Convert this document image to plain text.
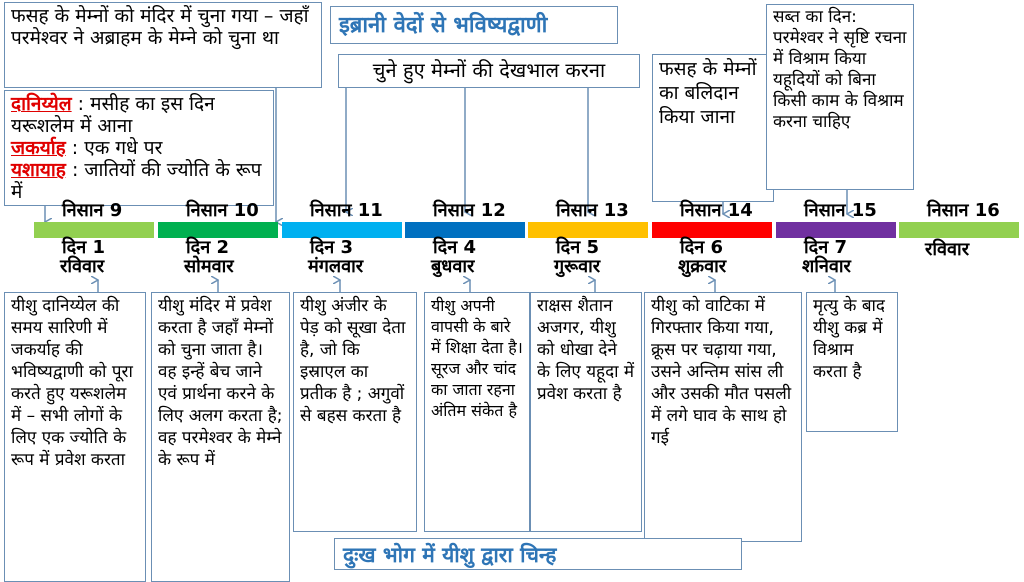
इब्रानी वेदों से भविष्यद्वाणी
फसह के मेम्नों को मंदिर में चुना गया – जहाँ परमेश्वर ने अब्राहम के मेम्ने को चुना था
दानिय्येल : मसीह का इस दिन यरूशलेम में आना
जकर्याह : एक गधे पर
यशायाह : जातियों की ज्योति के रूप में
चुने हुए मेम्नों की देखभाल करना	फसह के मेम्नों का बलिदान किया जाना
सब्त का दिन: परमेश्वर ने सृष्टि रचना में विश्राम किया यहूदियों को बिना किसी काम के विश्राम करना चाहिए
निसान 9
दिन 1
रविवार
निसान 10
दिन 2
सोमवार
निसान 11
दिन 3
मंगलवार
निसान 12
दिन 4
बुधवार
निसान 13
दिन 5
गुरूवार
निसान 14
दिन 6
शुक्रवार
निसान 15
दिन 7
शनिवार
निसान 16
रविवार
यीशु दानिय्येल की समय सारिणी में जकर्याह की भविष्यद्वाणी को पूरा करते हुए यरूशलेम में – सभी लोगों के लिए एक ज्योति के रूप में प्रवेश करता
यीशु मंदिर में प्रवेश करता है जहाँ मेम्नों को चुना जाता है। वह इन्हें बेच जाने एवं प्रार्थना करने के लिए अलग करता है; वह परमेश्वर के मेम्ने के रूप में
यीशु अंजीर के पेड़ को सूखा देता है, जो कि इस्राएल का प्रतीक है ; अगुवों से बहस करता है
यीशु अपनी वापसी के बारे में शिक्षा देता है। सूरज और चांद का जाता रहना अंतिम संकेत है
राक्षस शैतान अजगर, यीशु को धोखा देने के लिए यहूदा में प्रवेश करता है
यीशु को वाटिका में गिरफ्तार किया गया, क्रूस पर चढ़ाया गया, उसने अन्तिम सांस ली और उसकी मौत पसली में लगे घाव के साथ हो गई
मृत्यु के बाद यीशु कब्र में विश्राम करता है
दुःख भोग में यीशु द्वारा चिन्ह
